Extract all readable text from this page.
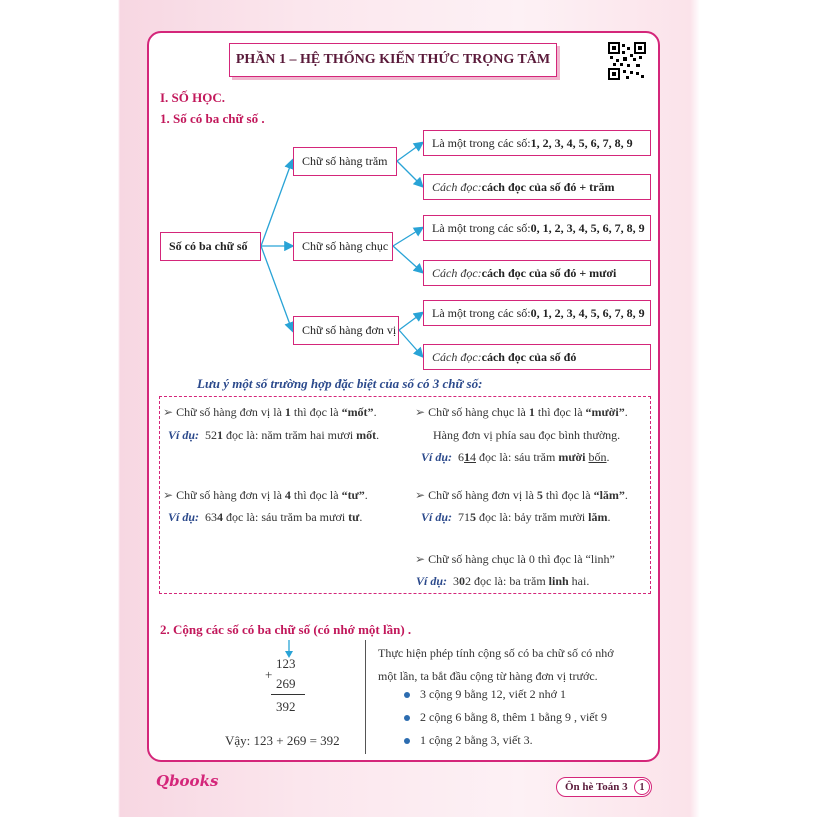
PHẦN 1 – HỆ THỐNG KIẾN THỨC TRỌNG TÂM
I. SỐ HỌC.
1. Số có ba chữ số .
Số có ba chữ số
Chữ số hàng trăm
Chữ số hàng chục
Chữ số hàng đơn vị
Là một trong các số: 1, 2, 3, 4, 5, 6, 7, 8, 9
Cách đọc: cách đọc của số đó + trăm
Là một trong các số: 0, 1, 2, 3, 4, 5, 6, 7, 8, 9
Cách đọc: cách đọc của số đó + mươi
Là một trong các số: 0, 1, 2, 3, 4, 5, 6, 7, 8, 9
Cách đọc: cách đọc của số đó
Lưu ý một số trường hợp đặc biệt của số có 3 chữ số:
➢ Chữ số hàng đơn vị là 1 thì đọc là “mốt”.
Ví dụ: 521 đọc là: năm trăm hai mươi mốt.
➢ Chữ số hàng chục là 1 thì đọc là “mười”.
Hàng đơn vị phía sau đọc bình thường.
Ví dụ: 614 đọc là: sáu trăm mười bốn.
➢ Chữ số hàng đơn vị là 4 thì đọc là “tư”.
Ví dụ: 634 đọc là: sáu trăm ba mươi tư.
➢ Chữ số hàng đơn vị là 5 thì đọc là “lăm”.
Ví dụ: 715 đọc là: bảy trăm mười lăm.
➢ Chữ số hàng chục là 0 thì đọc là “linh”
Ví dụ: 302 đọc là: ba trăm linh hai.
2. Cộng các số có ba chữ số (có nhớ một lần) .
123
+
269
392
Vậy: 123 + 269 = 392
Thực hiện phép tính cộng số có ba chữ số có nhớ
một lần, ta bắt đầu cộng từ hàng đơn vị trước.
3 cộng 9 bằng 12, viết 2 nhớ 1
2 cộng 6 bằng 8, thêm 1 bằng 9 , viết 9
1 cộng 2 bằng 3, viết 3.
Qbooks	Ôn hè Toán 3	1
